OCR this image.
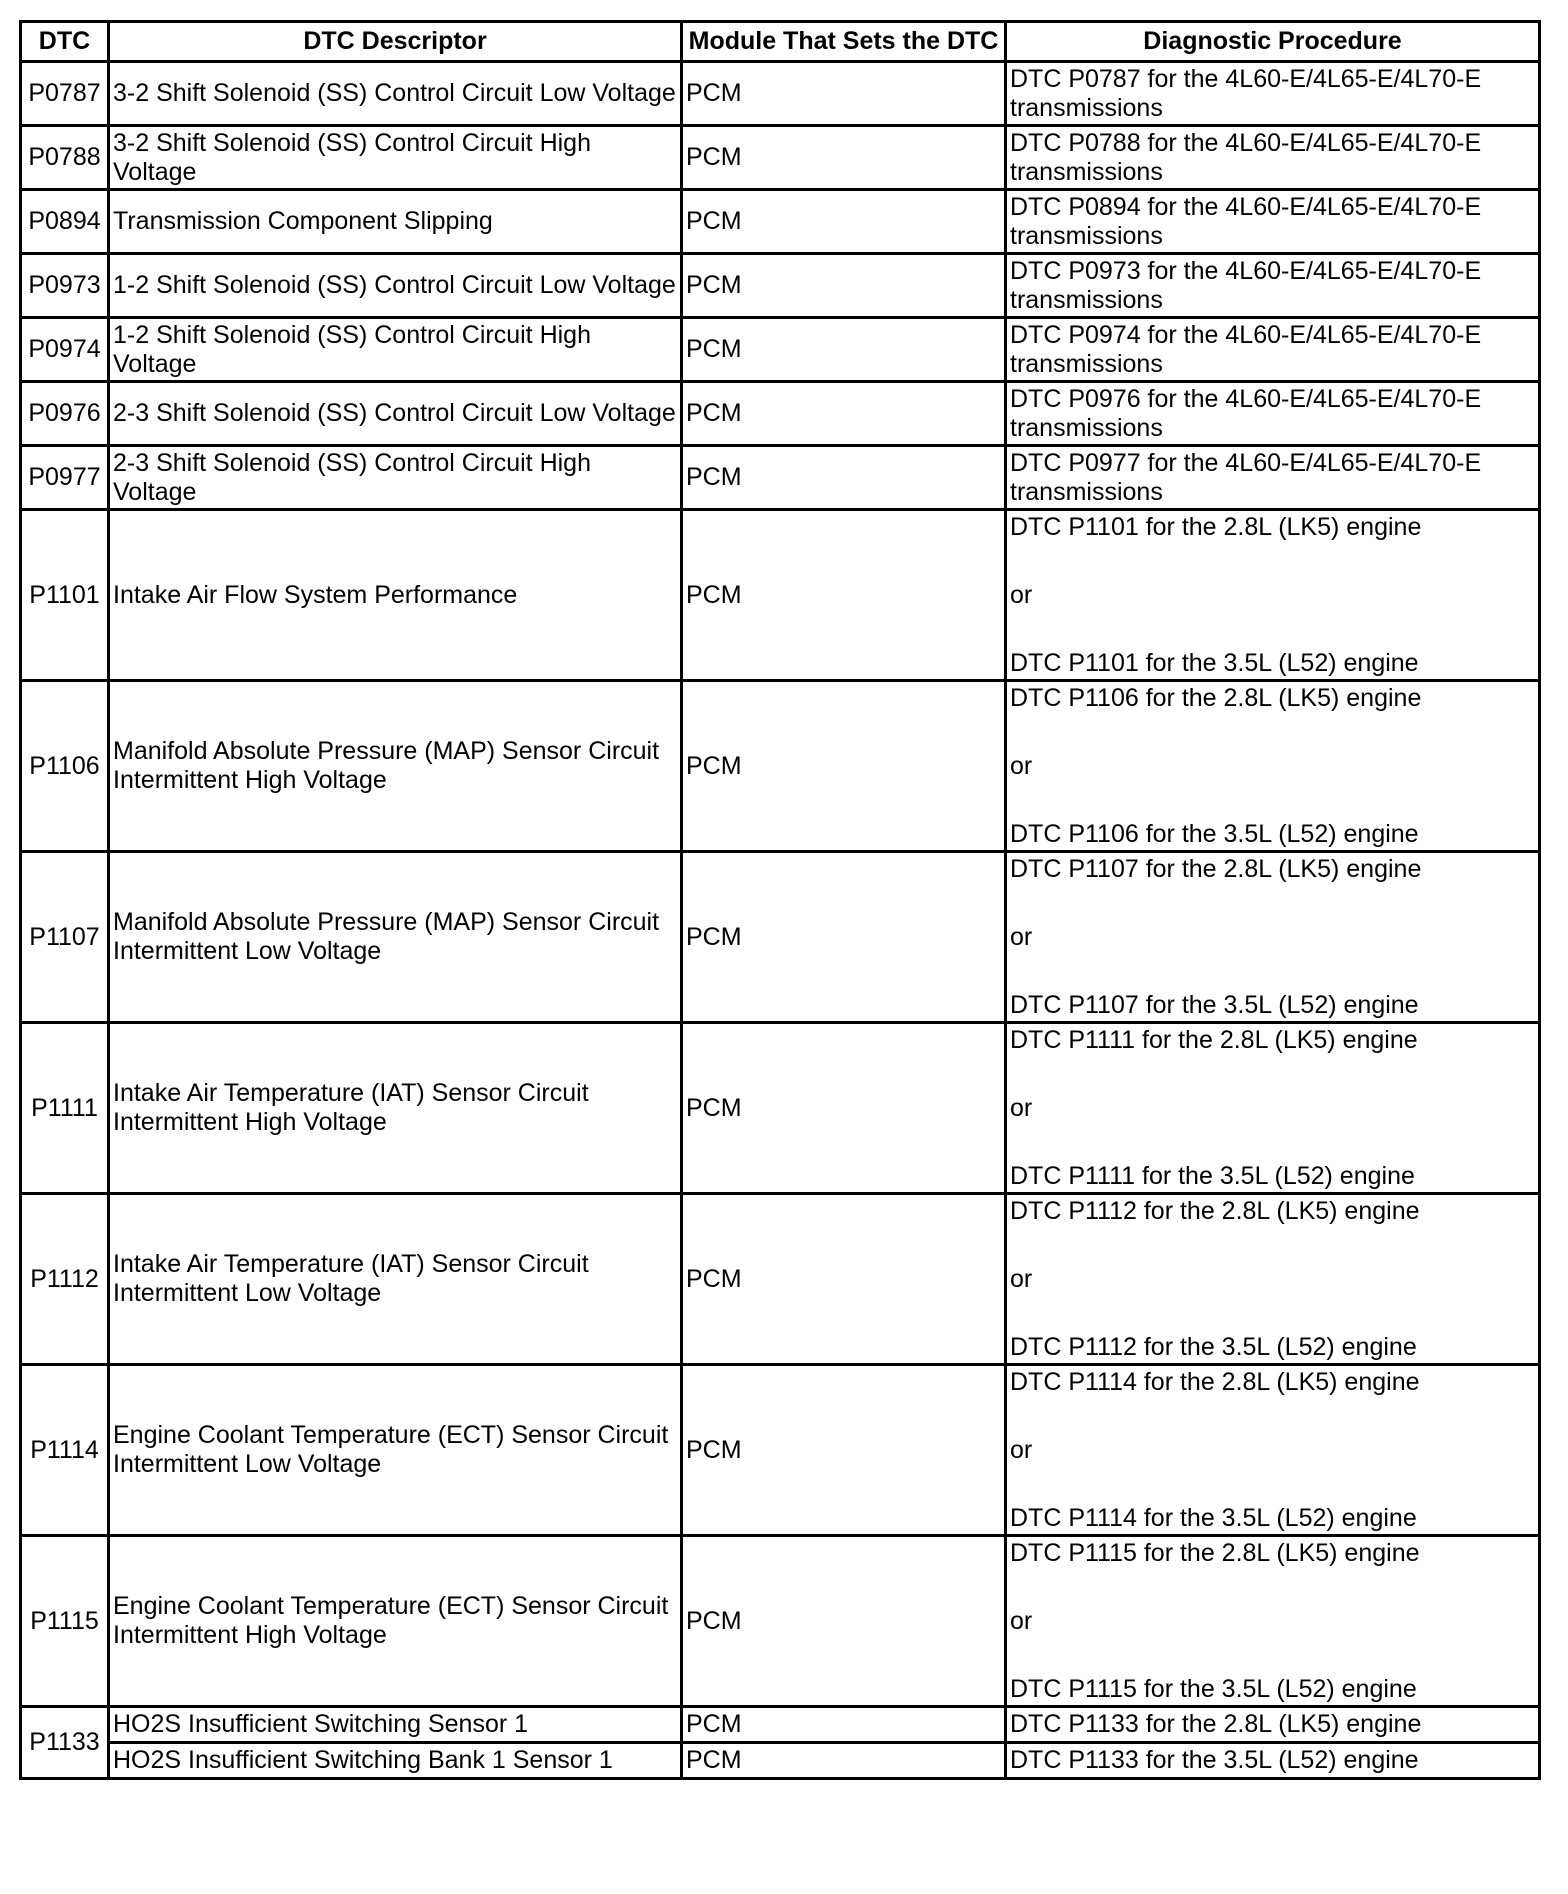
DTC	DTC Descriptor	Module That Sets the DTC	Diagnostic Procedure
P0787	3-2 Shift Solenoid (SS) Control Circuit Low Voltage	PCM	DTC P0787 for the 4L60-E/4L65-E/4L70-E transmissions
P0788	3-2 Shift Solenoid (SS) Control Circuit High Voltage	PCM	DTC P0788 for the 4L60-E/4L65-E/4L70-E transmissions
P0894	Transmission Component Slipping	PCM	DTC P0894 for the 4L60-E/4L65-E/4L70-E transmissions
P0973	1-2 Shift Solenoid (SS) Control Circuit Low Voltage	PCM	DTC P0973 for the 4L60-E/4L65-E/4L70-E transmissions
P0974	1-2 Shift Solenoid (SS) Control Circuit High Voltage	PCM	DTC P0974 for the 4L60-E/4L65-E/4L70-E transmissions
P0976	2-3 Shift Solenoid (SS) Control Circuit Low Voltage	PCM	DTC P0976 for the 4L60-E/4L65-E/4L70-E transmissions
P0977	2-3 Shift Solenoid (SS) Control Circuit High Voltage	PCM	DTC P0977 for the 4L60-E/4L65-E/4L70-E transmissions
P1101	Intake Air Flow System Performance	PCM	DTC P1101 for the 2.8L (LK5) engine
or
DTC P1101 for the 3.5L (L52) engine

P1106	Manifold Absolute Pressure (MAP) Sensor Circuit Intermittent High Voltage	PCM	DTC P1106 for the 2.8L (LK5) engine
or
DTC P1106 for the 3.5L (L52) engine

P1107	Manifold Absolute Pressure (MAP) Sensor Circuit Intermittent Low Voltage	PCM	DTC P1107 for the 2.8L (LK5) engine
or
DTC P1107 for the 3.5L (L52) engine

P1111	Intake Air Temperature (IAT) Sensor Circuit Intermittent High Voltage	PCM	DTC P1111 for the 2.8L (LK5) engine
or
DTC P1111 for the 3.5L (L52) engine

P1112	Intake Air Temperature (IAT) Sensor Circuit Intermittent Low Voltage	PCM	DTC P1112 for the 2.8L (LK5) engine
or
DTC P1112 for the 3.5L (L52) engine

P1114	Engine Coolant Temperature (ECT) Sensor Circuit Intermittent Low Voltage	PCM	DTC P1114 for the 2.8L (LK5) engine
or
DTC P1114 for the 3.5L (L52) engine

P1115	Engine Coolant Temperature (ECT) Sensor Circuit Intermittent High Voltage	PCM	DTC P1115 for the 2.8L (LK5) engine
or
DTC P1115 for the 3.5L (L52) engine

P1133	HO2S Insufficient Switching Sensor 1	PCM	DTC P1133 for the 2.8L (LK5) engine
	HO2S Insufficient Switching Bank 1 Sensor 1	PCM	DTC P1133 for the 3.5L (L52) engine
